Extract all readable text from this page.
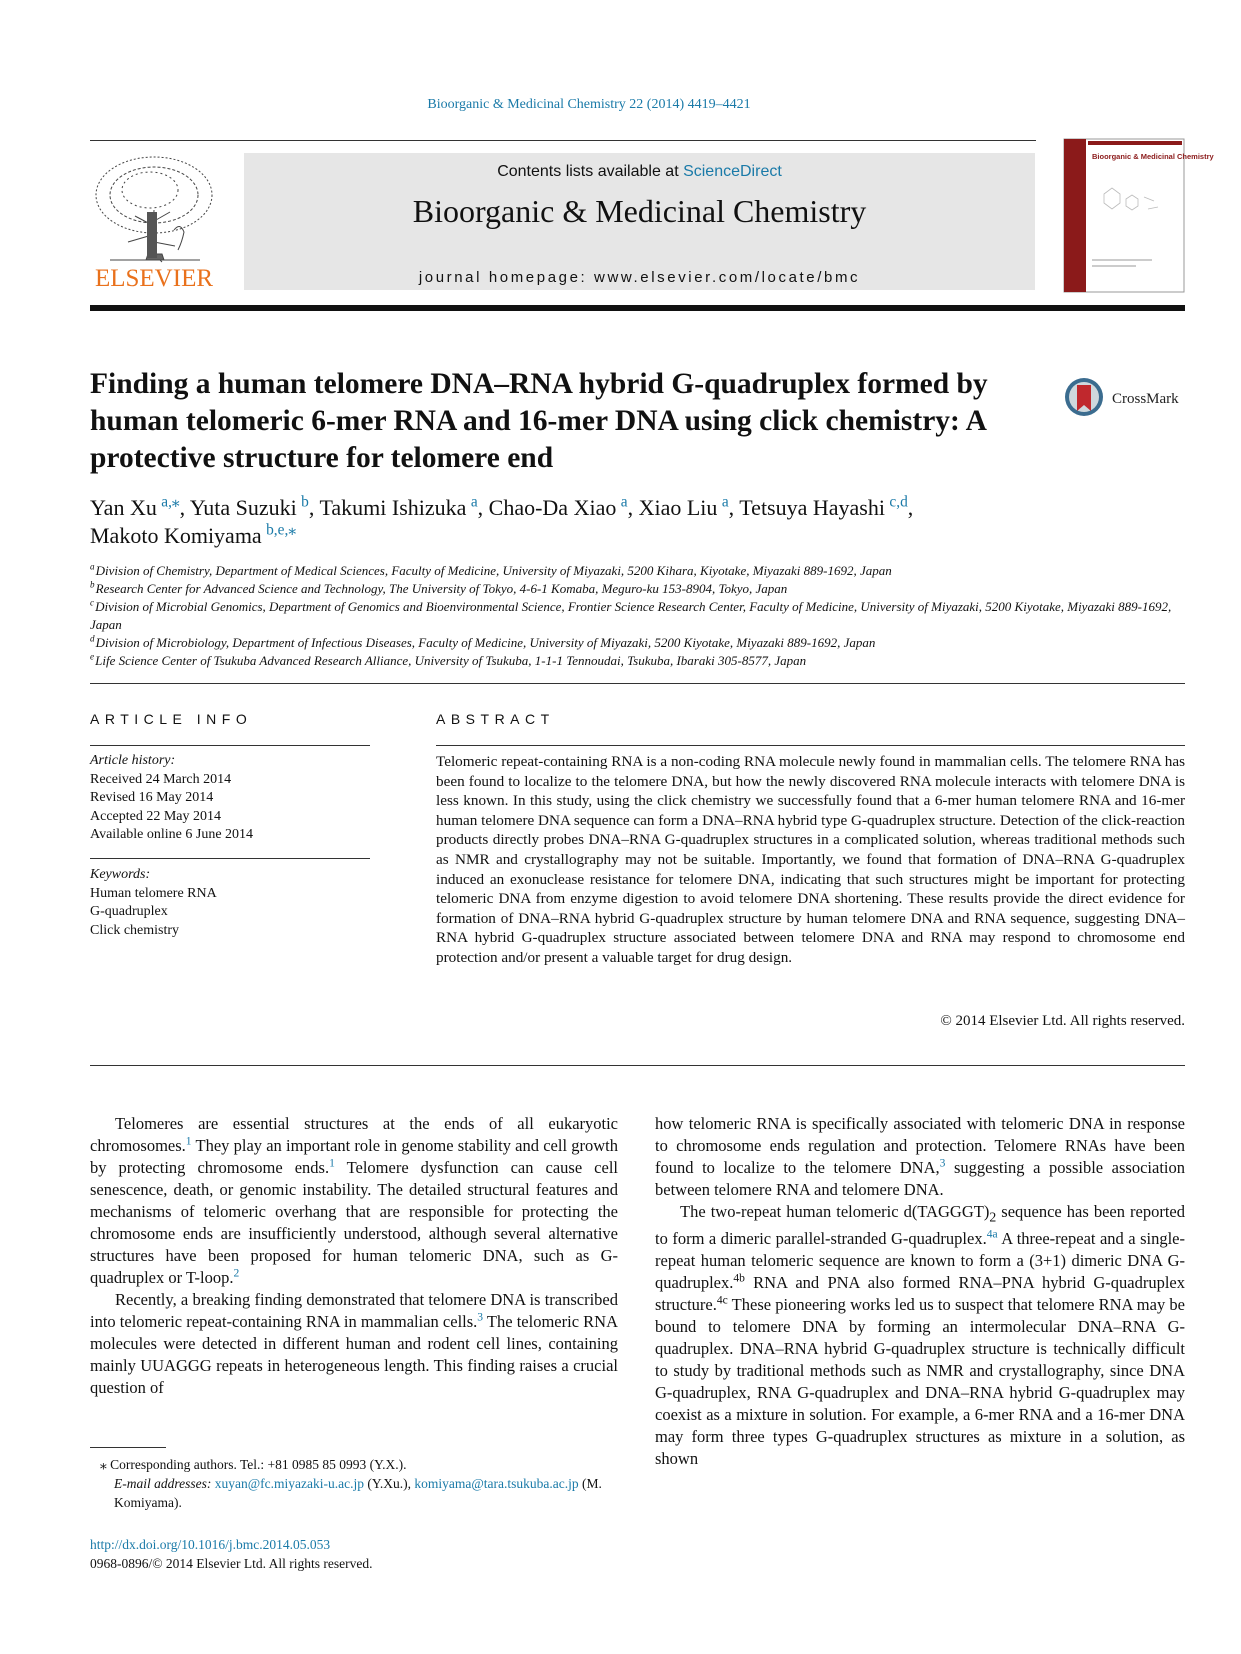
Bioorganic & Medicinal Chemistry 22 (2014) 4419–4421
ELSEVIER
Contents lists available at ScienceDirect
Bioorganic & Medicinal Chemistry
journal homepage: www.elsevier.com/locate/bmc
Bioorganic & Medicinal Chemistry
Finding a human telomere DNA–RNA hybrid G-quadruplex formed by human telomeric 6-mer RNA and 16-mer DNA using click chemistry: A protective structure for telomere end
CrossMark
Yan Xu  $^{a,⁎}$, Yuta Suzuki  $^b$, Takumi Ishizuka  $^a$, Chao-Da Xiao  $^a$, Xiao Liu  $^a$, Tetsuya Hayashi  $^{c,d}$,
Makoto Komiyama  $^{b,e,⁎}$

$^a$ Division of Chemistry, Department of Medical Sciences, Faculty of Medicine, University of Miyazaki, 5200 Kihara, Kiyotake, Miyazaki 889-1692, Japan

$^b$ Research Center for Advanced Science and Technology, The University of Tokyo, 4-6-1 Komaba, Meguro-ku 153-8904, Tokyo, Japan

$^c$ Division of Microbial Genomics, Department of Genomics and Bioenvironmental Science, Frontier Science Research Center, Faculty of Medicine, University of Miyazaki, 5200 Kiyotake, Miyazaki 889-1692, Japan

$^d$ Division of Microbiology, Department of Infectious Diseases, Faculty of Medicine, University of Miyazaki, 5200 Kiyotake, Miyazaki 889-1692, Japan

$^e$ Life Science Center of Tsukuba Advanced Research Alliance, University of Tsukuba, 1-1-1 Tennoudai, Tsukuba, Ibaraki 305-8577, Japan

ARTICLE INFO
Article history:
Received 24 March 2014
Revised 16 May 2014
Accepted 22 May 2014
Available online 6 June 2014
Keywords:
Human telomere RNA
G-quadruplex
Click chemistry
ABSTRACT
Telomeric repeat-containing RNA is a non-coding RNA molecule newly found in mammalian cells. The telomere RNA has been found to localize to the telomere DNA, but how the newly discovered RNA molecule interacts with telomere DNA is less known. In this study, using the click chemistry we successfully found that a 6-mer human telomere RNA and 16-mer human telomere DNA sequence can form a DNA–RNA hybrid type G-quadruplex structure. Detection of the click-reaction products directly probes DNA–RNA G-quadruplex structures in a complicated solution, whereas traditional methods such as NMR and crystallography may not be suitable. Importantly, we found that formation of DNA–RNA G-quadruplex induced an exonuclease resistance for telomere DNA, indicating that such structures might be important for protecting telomeric DNA from enzyme digestion to avoid telomere DNA shortening. These results provide the direct evidence for formation of DNA–RNA hybrid G-quadruplex structure by human telomere DNA and RNA sequence, suggesting DNA–RNA hybrid G-quadruplex structure associated between telomere DNA and RNA may respond to chromosome end protection and/or present a valuable target for drug design.
© 2014 Elsevier Ltd. All rights reserved.

Telomeres are essential structures at the ends of all eukaryotic chromosomes.$^1$ They play an important role in genome stability and cell growth by protecting chromosome ends.$^1$ Telomere dysfunction can cause cell senescence, death, or genomic instability. The detailed structural features and mechanisms of telomeric overhang that are responsible for protecting the chromosome ends are insufficiently understood, although several alternative structures have been proposed for human telomeric DNA, such as G-quadruplex or T-loop.$^2$

Recently, a breaking finding demonstrated that telomere DNA is transcribed into telomeric repeat-containing RNA in mammalian cells.$^3$ The telomeric RNA molecules were detected in different human and rodent cell lines, containing mainly UUAGGG repeats in heterogeneous length. This finding raises a crucial question of

how telomeric RNA is specifically associated with telomeric DNA in response to chromosome ends regulation and protection. Telomere RNAs have been found to localize to the telomere DNA,$^3$ suggesting a possible association between telomere RNA and telomere DNA.

The two-repeat human telomeric $d(TAGGGT)_2$ sequence has been reported to form a dimeric parallel-stranded G-quadruplex.$^{4a}$ A three-repeat and a single-repeat human telomeric sequence are known to form a (3+1) dimeric DNA G-quadruplex.$^{4b}$ RNA and PNA also formed RNA–PNA hybrid G-quadruplex structure.$^{4c}$ These pioneering works led us to suspect that telomere RNA may be bound to telomere DNA by forming an intermolecular DNA–RNA G-quadruplex. DNA–RNA hybrid G-quadruplex structure is technically difficult to study by traditional methods such as NMR and crystallography, since DNA G-quadruplex, RNA G-quadruplex and DNA–RNA hybrid G-quadruplex may coexist as a mixture in solution. For example, a 6-mer RNA and a 16-mer DNA may form three types G-quadruplex structures as mixture in a solution, as shown

⁎ Corresponding authors. Tel.: +81 0985 85 0993 (Y.X.).
E-mail addresses: xuyan@fc.miyazaki-u.ac.jp (Y.Xu.), komiyama@tara.tsukuba.ac.jp (M. Komiyama).
http://dx.doi.org/10.1016/j.bmc.2014.05.053
0968-0896/© 2014 Elsevier Ltd. All rights reserved.
